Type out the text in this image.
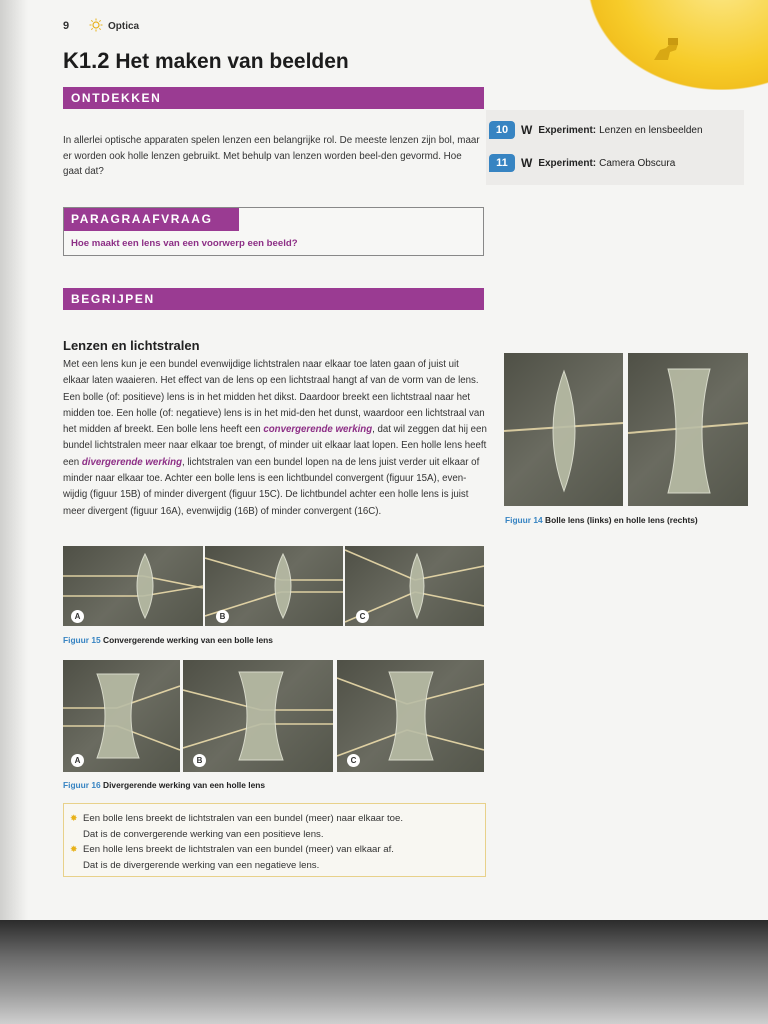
9	Optica
K1.2 Het maken van beelden
ONTDEKKEN
In allerlei optische apparaten spelen lenzen een belangrijke rol. De meeste lenzen zijn bol, maar er worden ook holle lenzen gebruikt. Met behulp van lenzen worden beel-den gevormd. Hoe gaat dat?
10	W Experiment: Lenzen en lensbeelden
11	W Experiment: Camera Obscura
PARAGRAAFVRAAG
Hoe maakt een lens van een voorwerp een beeld?
BEGRIJPEN
Lenzen en lichtstralen
Met een lens kun je een bundel evenwijdige lichtstralen naar elkaar toe laten gaan of juist uit elkaar laten waaieren. Het effect van de lens op een lichtstraal hangt af van de vorm van de lens. Een bolle (of: positieve) lens is in het midden het dikst. Daardoor breekt een lichtstraal naar het midden toe. Een holle (of: negatieve) lens is in het mid-den het dunst, waardoor een lichtstraal van het midden af breekt. Een bolle lens heeft een convergerende werking, dat wil zeggen dat hij een bundel lichtstralen meer naar elkaar toe brengt, of minder uit elkaar laat lopen. Een holle lens heeft een divergerende werking, lichtstralen van een bundel lopen na de lens juist verder uit elkaar of minder naar elkaar toe. Achter een bolle lens is een lichtbundel convergent (figuur 15A), even-wijdig (figuur 15B) of minder divergent (figuur 15C). De lichtbundel achter een holle lens is juist meer divergent (figuur 16A), evenwijdig (16B) of minder convergent (16C).
Figuur 14 Bolle lens (links) en holle lens (rechts)
A	B	C
Figuur 15 Convergerende werking van een bolle lens
A	B	C
Figuur 16 Divergerende werking van een holle lens
✸ Een bolle lens breekt de lichtstralen van een bundel (meer) naar elkaar toe.
Dat is de convergerende werking van een positieve lens.
✸ Een holle lens breekt de lichtstralen van een bundel (meer) van elkaar af.
Dat is de divergerende werking van een negatieve lens.
